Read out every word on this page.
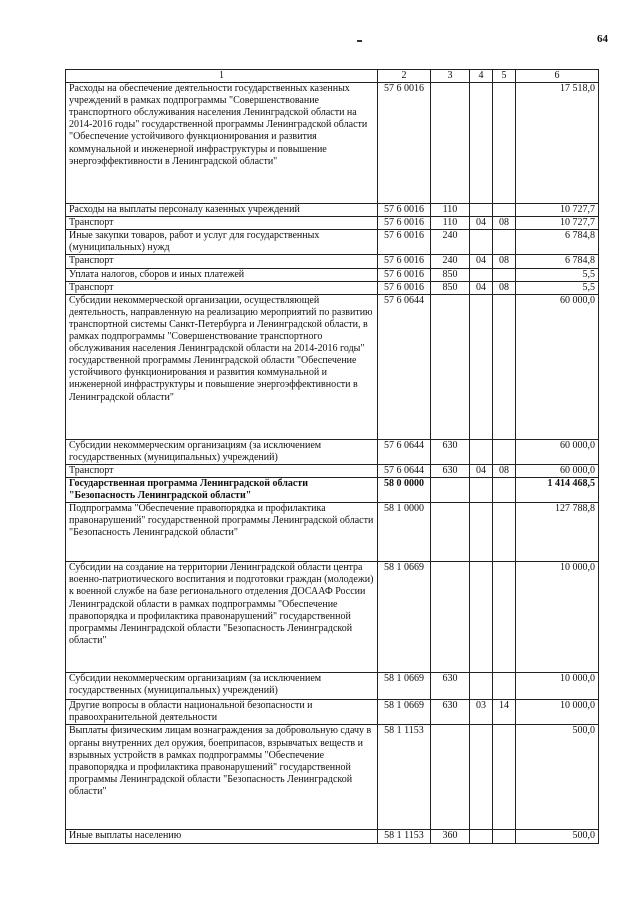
64
1	2	3	4	5	6
Расходы на обеспечение деятельности государственных казенных учреждений в рамках подпрограммы "Совершенствование транспортного обслуживания населения Ленинградской области на 2014-2016 годы" государственной программы Ленинградской области "Обеспечение устойчивого функционирования и развития коммунальной и инженерной инфраструктуры и повышение энергоэффективности в Ленинградской области"	57 6 0016				17 518,0
Расходы на выплаты персоналу казенных учреждений	57 6 0016	110			10 727,7
Транспорт	57 6 0016	110	04	08	10 727,7
Иные закупки товаров, работ и услуг для государственных (муниципальных) нужд	57 6 0016	240			6 784,8
Транспорт	57 6 0016	240	04	08	6 784,8
Уплата налогов, сборов и иных платежей	57 6 0016	850			5,5
Транспорт	57 6 0016	850	04	08	5,5
Субсидии некоммерческой организации, осуществляющей деятельность, направленную на реализацию мероприятий по развитию транспортной системы Санкт-Петербурга и Ленинградской области, в рамках подпрограммы "Совершенствование транспортного обслуживания населения Ленинградской области на 2014-2016 годы" государственной программы Ленинградской области "Обеспечение устойчивого функционирования и развития коммунальной и инженерной инфраструктуры и повышение энергоэффективности в Ленинградской области"	57 6 0644				60 000,0
Субсидии некоммерческим организациям (за исключением государственных (муниципальных) учреждений)	57 6 0644	630			60 000,0
Транспорт	57 6 0644	630	04	08	60 000,0
Государственная программа Ленинградской области "Безопасность Ленинградской области"	58 0 0000				1 414 468,5
Подпрограмма "Обеспечение правопорядка и профилактика правонарушений" государственной программы Ленинградской области "Безопасность Ленинградской области"	58 1 0000				127 788,8
Субсидии на создание на территории Ленинградской области центра военно-патриотического воспитания и подготовки граждан (молодежи) к военной службе на базе регионального отделения ДОСААФ России Ленинградской области в рамках подпрограммы "Обеспечение правопорядка и профилактика правонарушений" государственной программы Ленинградской области "Безопасность Ленинградской области"	58 1 0669				10 000,0
Субсидии некоммерческим организациям (за исключением государственных (муниципальных) учреждений)	58 1 0669	630			10 000,0
Другие вопросы в области национальной безопасности и правоохранительной деятельности	58 1 0669	630	03	14	10 000,0
Выплаты физическим лицам вознаграждения за добровольную сдачу в органы внутренних дел оружия, боеприпасов, взрывчатых веществ и взрывных устройств в рамках подпрограммы "Обеспечение правопорядка и профилактика правонарушений" государственной программы Ленинградской области "Безопасность Ленинградской области"	58 1 1153				500,0
Иные выплаты населению	58 1 1153	360			500,0
